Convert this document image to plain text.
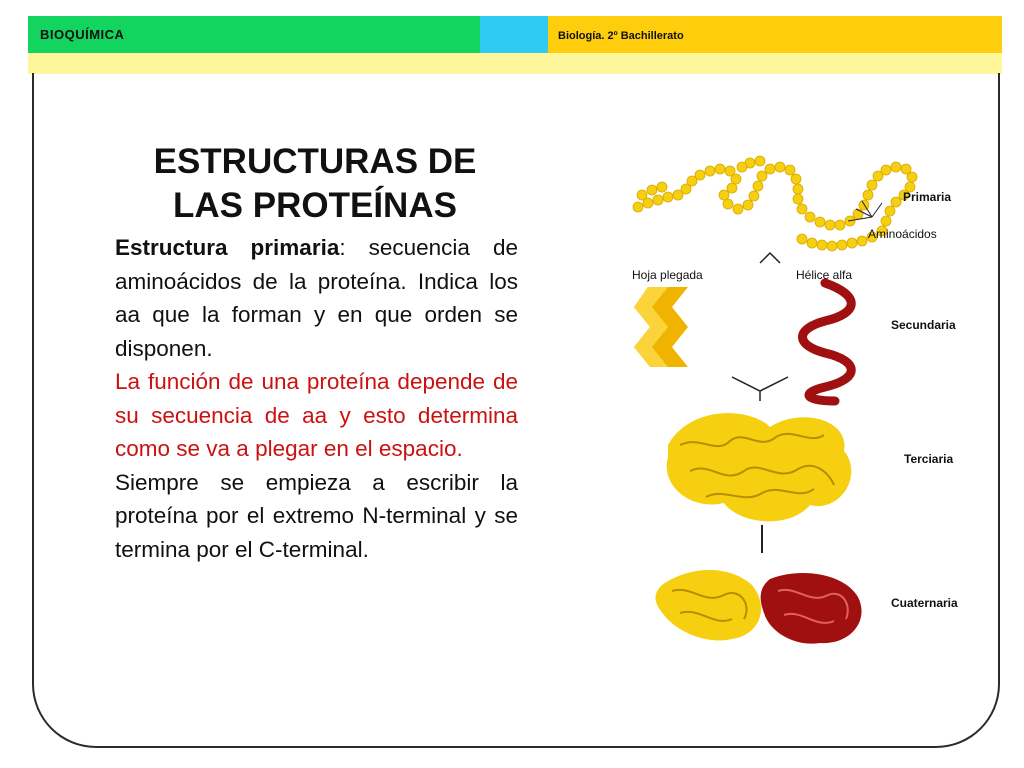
BIOQUÍMICA	Biología. 2º Bachillerato
ESTRUCTURAS DE
LAS PROTEÍNAS

Estructura primaria: secuencia de aminoácidos de la proteína. Indica los aa que la forman y en que orden se disponen.

La función de una proteína depende de su secuencia de aa y esto determina como se va a plegar en el espacio.

Siempre se empieza a escribir la proteína por el extremo N-terminal y se termina por el C-terminal.

Primaria
Aminoácidos
Hoja plegada	Hélice alfa
Secundaria
Terciaria
Cuaternaria
